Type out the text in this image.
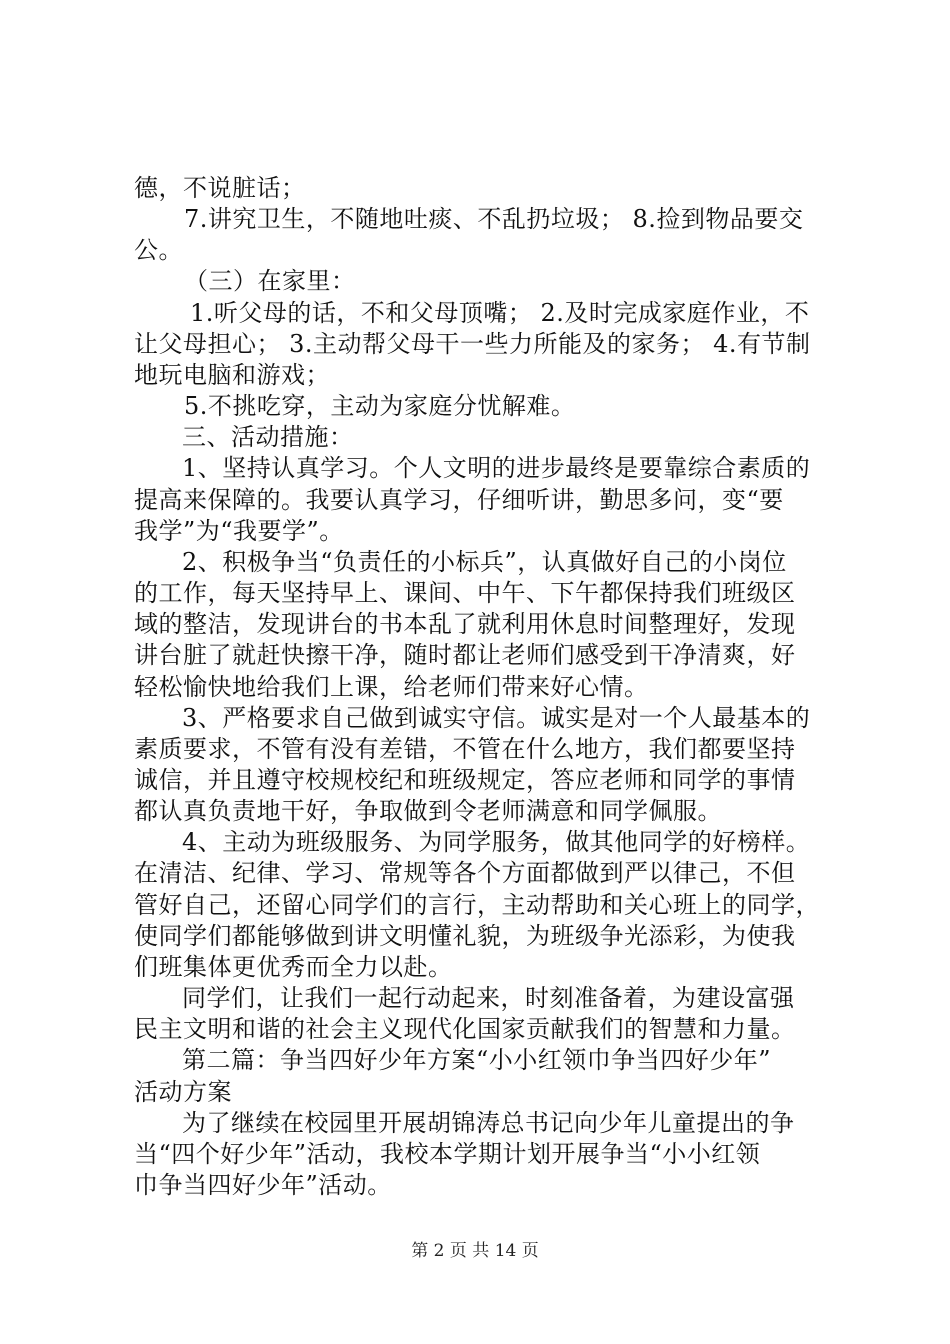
德，不说脏话；
7.讲究卫生，不随地吐痰、不乱扔垃圾； 8.捡到物品要交
公。
（三）在家里：
1.听父母的话，不和父母顶嘴； 2.及时完成家庭作业，不
让父母担心； 3.主动帮父母干一些力所能及的家务； 4.有节制
地玩电脑和游戏；
5.不挑吃穿，主动为家庭分忧解难。
三、活动措施：
1、坚持认真学习。个人文明的进步最终是要靠综合素质的
提高来保障的。我要认真学习，仔细听讲，勤思多问，变“要
我学”为“我要学”。
2、积极争当“负责任的小标兵”，认真做好自己的小岗位
的工作，每天坚持早上、课间、中午、下午都保持我们班级区
域的整洁，发现讲台的书本乱了就利用休息时间整理好，发现
讲台脏了就赶快擦干净，随时都让老师们感受到干净清爽，好
轻松愉快地给我们上课，给老师们带来好心情。
3、严格要求自己做到诚实守信。诚实是对一个人最基本的
素质要求，不管有没有差错，不管在什么地方，我们都要坚持
诚信，并且遵守校规校纪和班级规定，答应老师和同学的事情
都认真负责地干好，争取做到令老师满意和同学佩服。
4、主动为班级服务、为同学服务，做其他同学的好榜样。
在清洁、纪律、学习、常规等各个方面都做到严以律己，不但
管好自己，还留心同学们的言行，主动帮助和关心班上的同学，
使同学们都能够做到讲文明懂礼貌，为班级争光添彩，为使我
们班集体更优秀而全力以赴。
同学们，让我们一起行动起来，时刻准备着，为建设富强
民主文明和谐的社会主义现代化国家贡献我们的智慧和力量。
第二篇：争当四好少年方案“小小红领巾争当四好少年”
活动方案
为了继续在校园里开展胡锦涛总书记向少年儿童提出的争
当“四个好少年”活动，我校本学期计划开展争当“小小红领
巾争当四好少年”活动。
第 2 页 共 14 页
